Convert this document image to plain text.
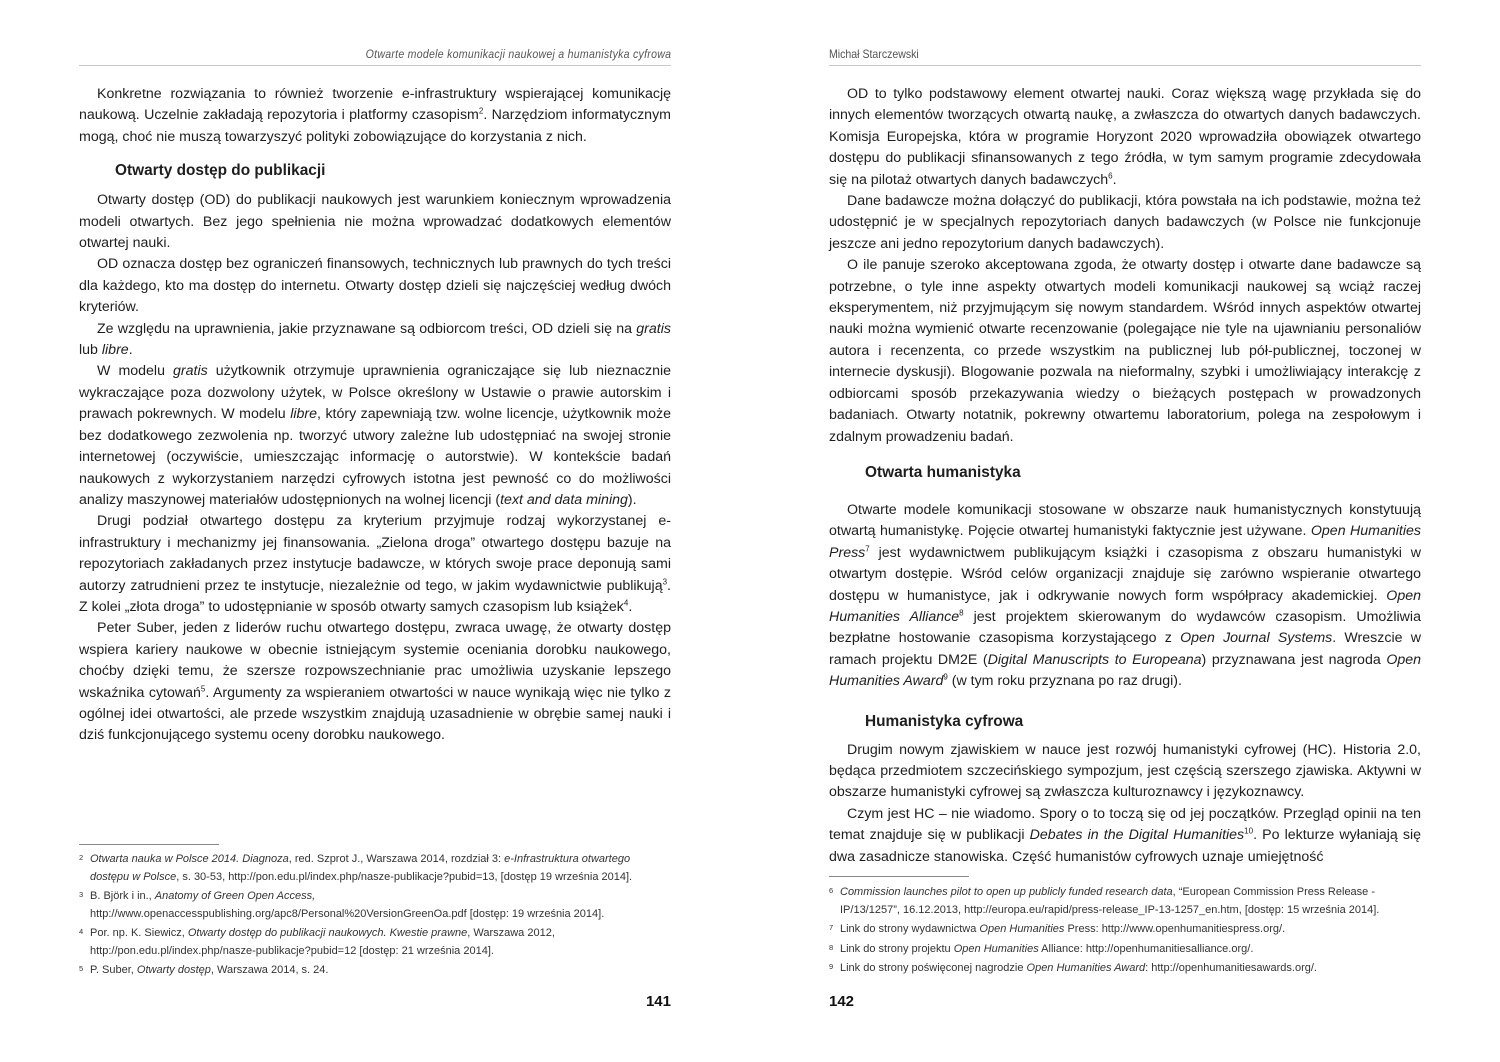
Otwarte modele komunikacji naukowej a humanistyka cyfrowa

Konkretne rozwiązania to również tworzenie e-infrastruktury wspierającej komunikację naukową. Uczelnie zakładają repozytoria i platformy czasopism$^2$. Narzędziom informatycznym mogą, choć nie muszą towarzyszyć polityki zobowiązujące do korzystania z nich.

Otwarty dostęp do publikacji

Otwarty dostęp (OD) do publikacji naukowych jest warunkiem koniecznym wprowadzenia modeli otwartych. Bez jego spełnienia nie można wprowadzać dodatkowych elementów otwartej nauki.

OD oznacza dostęp bez ograniczeń finansowych, technicznych lub prawnych do tych treści dla każdego, kto ma dostęp do internetu. Otwarty dostęp dzieli się najczęściej według dwóch kryteriów.

Ze względu na uprawnienia, jakie przyznawane są odbiorcom treści, OD dzieli się na gratis lub libre.

W modelu gratis użytkownik otrzymuje uprawnienia ograniczające się lub nieznacznie wykraczające poza dozwolony użytek, w Polsce określony w Ustawie o prawie autorskim i prawach pokrewnych. W modelu libre, który zapewniają tzw. wolne licencje, użytkownik może bez dodatkowego zezwolenia np. tworzyć utwory zależne lub udostępniać na swojej stronie internetowej (oczywiście, umieszczając informację o autorstwie). W kontekście badań naukowych z wykorzystaniem narzędzi cyfrowych istotna jest pewność co do możliwości analizy maszynowej materiałów udostępnionych na wolnej licencji (text and data mining).

Drugi podział otwartego dostępu za kryterium przyjmuje rodzaj wykorzystanej e-infrastruktury i mechanizmy jej finansowania. „Zielona droga” otwartego dostępu bazuje na repozytoriach zakładanych przez instytucje badawcze, w których swoje prace deponują sami autorzy zatrudnieni przez te instytucje, niezależnie od tego, w jakim wydawnictwie publikują$^3$. Z kolei „złota droga” to udostępnianie w sposób otwarty samych czasopism lub książek$^4$.

Peter Suber, jeden z liderów ruchu otwartego dostępu, zwraca uwagę, że otwarty dostęp wspiera kariery naukowe w obecnie istniejącym systemie oceniania dorobku naukowego, choćby dzięki temu, że szersze rozpowszechnianie prac umożliwia uzyskanie lepszego wskaźnika cytowań$^5$. Argumenty za wspieraniem otwartości w nauce wynikają więc nie tylko z ogólnej idei otwartości, ale przede wszystkim znajdują uzasadnienie w obrębie samej nauki i dziś funkcjonującego systemu oceny dorobku naukowego.

2 Otwarta nauka w Polsce 2014. Diagnoza, red. Szprot J., Warszawa 2014, rozdział 3: e-Infrastruktura otwartego dostępu w Polsce, s. 30-53, http://pon.edu.pl/index.php/nasze-publikacje?pubid=13, [dostęp 19 września 2014].

3 B. Björk i in., Anatomy of Green Open Access, http://www.openaccesspublishing.org/apc8/Personal%20VersionGreenOa.pdf [dostęp: 19 września 2014].

4 Por. np. K. Siewicz, Otwarty dostęp do publikacji naukowych. Kwestie prawne, Warszawa 2012, http://pon.edu.pl/index.php/nasze-publikacje?pubid=12 [dostęp: 21 września 2014].

5 P. Suber, Otwarty dostęp, Warszawa 2014, s. 24.

141
Michał Starczewski

OD to tylko podstawowy element otwartej nauki. Coraz większą wagę przykłada się do innych elementów tworzących otwartą naukę, a zwłaszcza do otwartych danych badawczych. Komisja Europejska, która w programie Horyzont 2020 wprowadziła obowiązek otwartego dostępu do publikacji sfinansowanych z tego źródła, w tym samym programie zdecydowała się na pilotaż otwartych danych badawczych$^6$.

Dane badawcze można dołączyć do publikacji, która powstała na ich podstawie, można też udostępnić je w specjalnych repozytoriach danych badawczych (w Polsce nie funkcjonuje jeszcze ani jedno repozytorium danych badawczych).

O ile panuje szeroko akceptowana zgoda, że otwarty dostęp i otwarte dane badawcze są potrzebne, o tyle inne aspekty otwartych modeli komunikacji naukowej są wciąż raczej eksperymentem, niż przyjmującym się nowym standardem. Wśród innych aspektów otwartej nauki można wymienić otwarte recenzowanie (polegające nie tyle na ujawnianiu personaliów autora i recenzenta, co przede wszystkim na publicznej lub pół-publicznej, toczonej w internecie dyskusji). Blogowanie pozwala na nieformalny, szybki i umożliwiający interakcję z odbiorcami sposób przekazywania wiedzy o bieżących postępach w prowadzonych badaniach. Otwarty notatnik, pokrewny otwartemu laboratorium, polega na zespołowym i zdalnym prowadzeniu badań.

Otwarta humanistyka

Otwarte modele komunikacji stosowane w obszarze nauk humanistycznych konstytuują otwartą humanistykę. Pojęcie otwartej humanistyki faktycznie jest używane. Open Humanities Press$^7$ jest wydawnictwem publikującym książki i czasopisma z obszaru humanistyki w otwartym dostępie. Wśród celów organizacji znajduje się zarówno wspieranie otwartego dostępu w humanistyce, jak i odkrywanie nowych form współpracy akademickiej. Open Humanities Alliance$^8$ jest projektem skierowanym do wydawców czasopism. Umożliwia bezpłatne hostowanie czasopisma korzystającego z Open Journal Systems. Wreszcie w ramach projektu DM2E (Digital Manuscripts to Europeana) przyznawana jest nagroda Open Humanities Award$^9$ (w tym roku przyznana po raz drugi).

Humanistyka cyfrowa

Drugim nowym zjawiskiem w nauce jest rozwój humanistyki cyfrowej (HC). Historia 2.0, będąca przedmiotem szczecińskiego sympozjum, jest częścią szerszego zjawiska. Aktywni w obszarze humanistyki cyfrowej są zwłaszcza kulturoznawcy i językoznawcy.

Czym jest HC – nie wiadomo. Spory o to toczą się od jej początków. Przegląd opinii na ten temat znajduje się w publikacji Debates in the Digital Humanities$^{10}$. Po lekturze wyłaniają się dwa zasadnicze stanowiska. Część humanistów cyfrowych uznaje umiejętność

6 Commission launches pilot to open up publicly funded research data, “European Commission Press Release - IP/13/1257”, 16.12.2013, http://europa.eu/rapid/press-release_IP-13-1257_en.htm, [dostęp: 15 września 2014].

7 Link do strony wydawnictwa Open Humanities Press: http://www.openhumanitiespress.org/.

8 Link do strony projektu Open Humanities Alliance: http://openhumanitiesalliance.org/.

9 Link do strony poświęconej nagrodzie Open Humanities Award: http://openhumanitiesawards.org/.

142
